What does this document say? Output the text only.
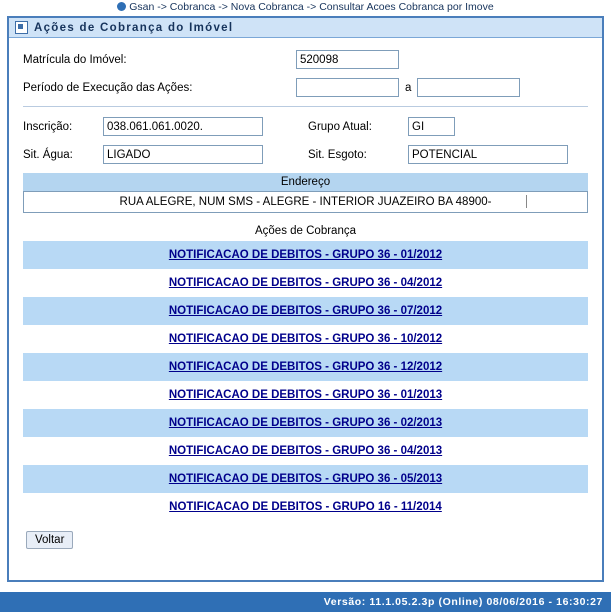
Gsan -> Cobranca -> Nova Cobranca -> Consultar Acoes Cobranca por Imove
Ações de Cobrança do Imóvel
Matrícula do Imóvel:
520098
Período de Execução das Ações:	a
Inscrição:
038.061.061.0020.	Grupo Atual:
GI
Sit. Água:
LIGADO	Sit. Esgoto:
POTENCIAL
Endereço
RUA ALEGRE, NUM SMS - ALEGRE - INTERIOR JUAZEIRO BA 48900-
Ações de Cobrança
NOTIFICACAO DE DEBITOS - GRUPO 36 - 01/2012
NOTIFICACAO DE DEBITOS - GRUPO 36 - 04/2012
NOTIFICACAO DE DEBITOS - GRUPO 36 - 07/2012
NOTIFICACAO DE DEBITOS - GRUPO 36 - 10/2012
NOTIFICACAO DE DEBITOS - GRUPO 36 - 12/2012
NOTIFICACAO DE DEBITOS - GRUPO 36 - 01/2013
NOTIFICACAO DE DEBITOS - GRUPO 36 - 02/2013
NOTIFICACAO DE DEBITOS - GRUPO 36 - 04/2013
NOTIFICACAO DE DEBITOS - GRUPO 36 - 05/2013
NOTIFICACAO DE DEBITOS - GRUPO 16 - 11/2014
Voltar
Versão: 11.1.05.2.3p (Online) 08/06/2016 - 16:30:27
